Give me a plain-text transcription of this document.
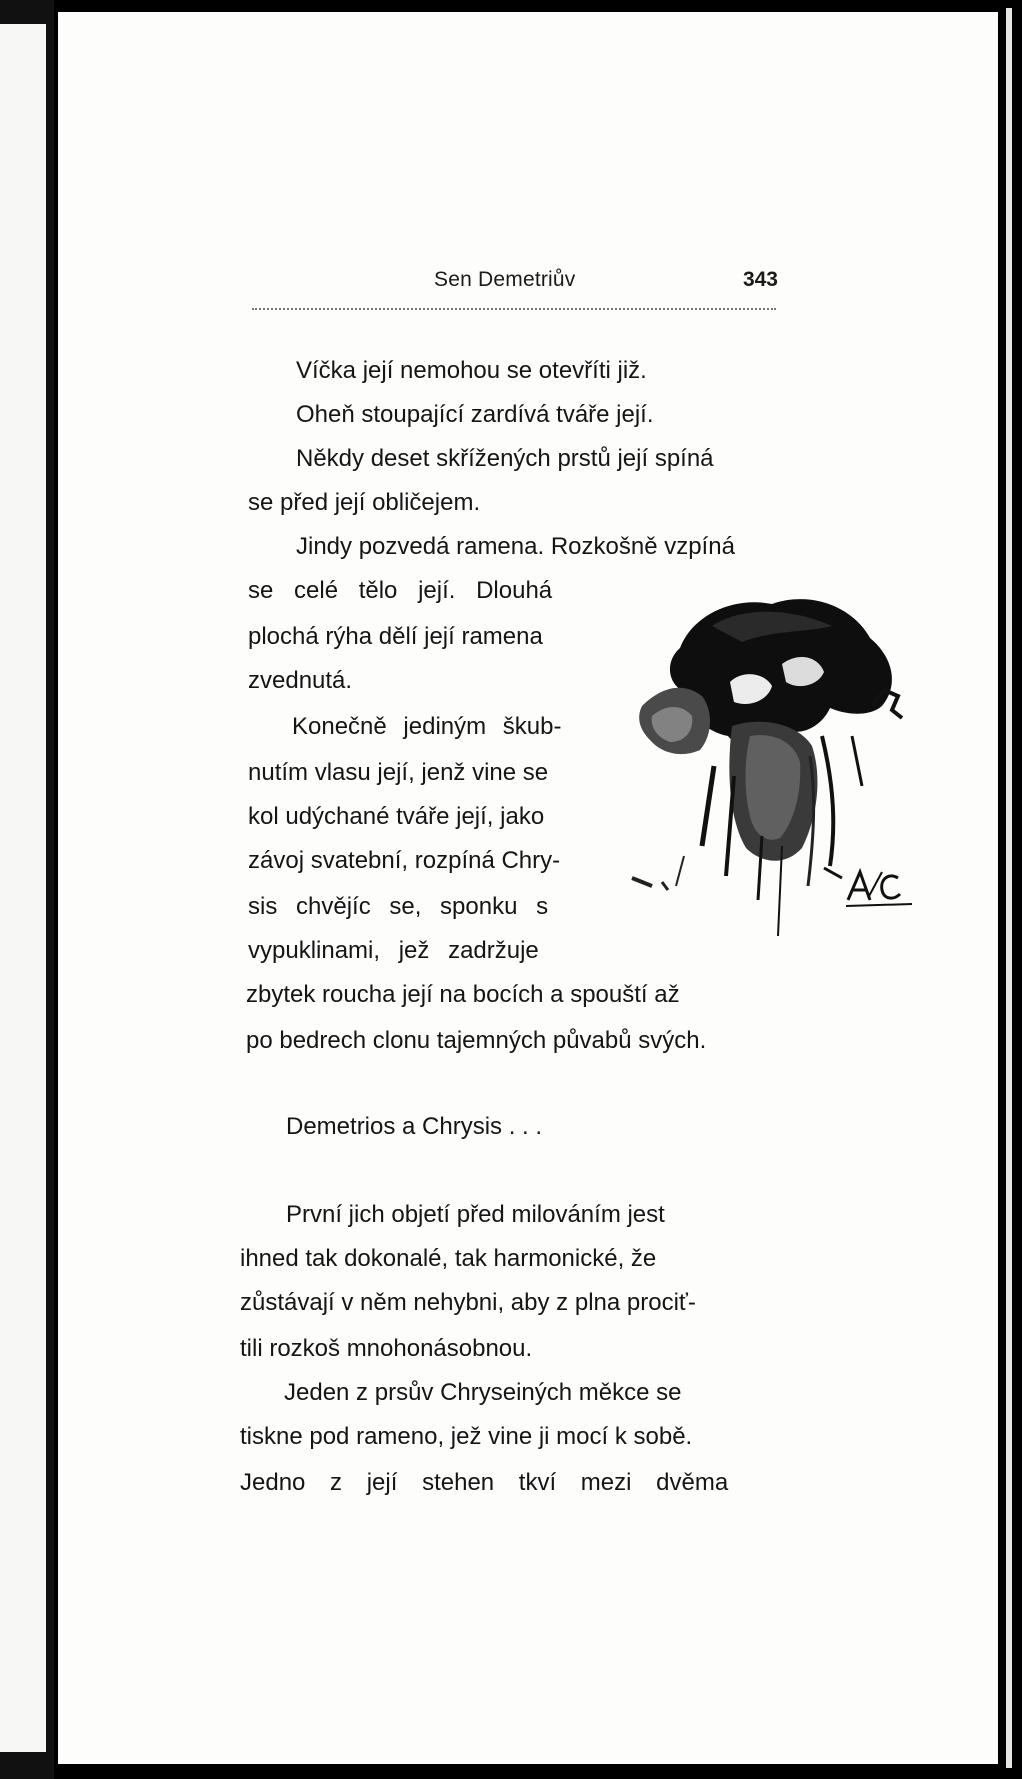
Sen Demetriův	343
Víčka její nemohou se otevříti již.
Oheň stoupající zardívá tváře její.
Někdy deset skřížených prstů její spíná
se před její obličejem.
Jindy pozvedá ramena. Rozkošně vzpíná
se celé tělo její. Dlouhá
plochá rýha dělí její ramena
zvednutá.
Konečně jediným škub-
nutím vlasu její, jenž vine se
kol udýchané tváře její, jako
závoj svatební, rozpíná Chry-
sis chvějíc se, sponku s
vypuklinami, jež zadržuje
zbytek roucha její na bocích a spouští až
po bedrech clonu tajemných půvabů svých.
Demetrios a Chrysis . . .
První jich objetí před milováním jest
ihned tak dokonalé, tak harmonické, že
zůstávají v něm nehybni, aby z plna prociť-
tili rozkoš mnohonásobnou.
Jeden z prsův Chryseiných měkce se
tiskne pod rameno, jež vine ji mocí k sobě.
Jedno z její stehen tkví mezi dvěma
